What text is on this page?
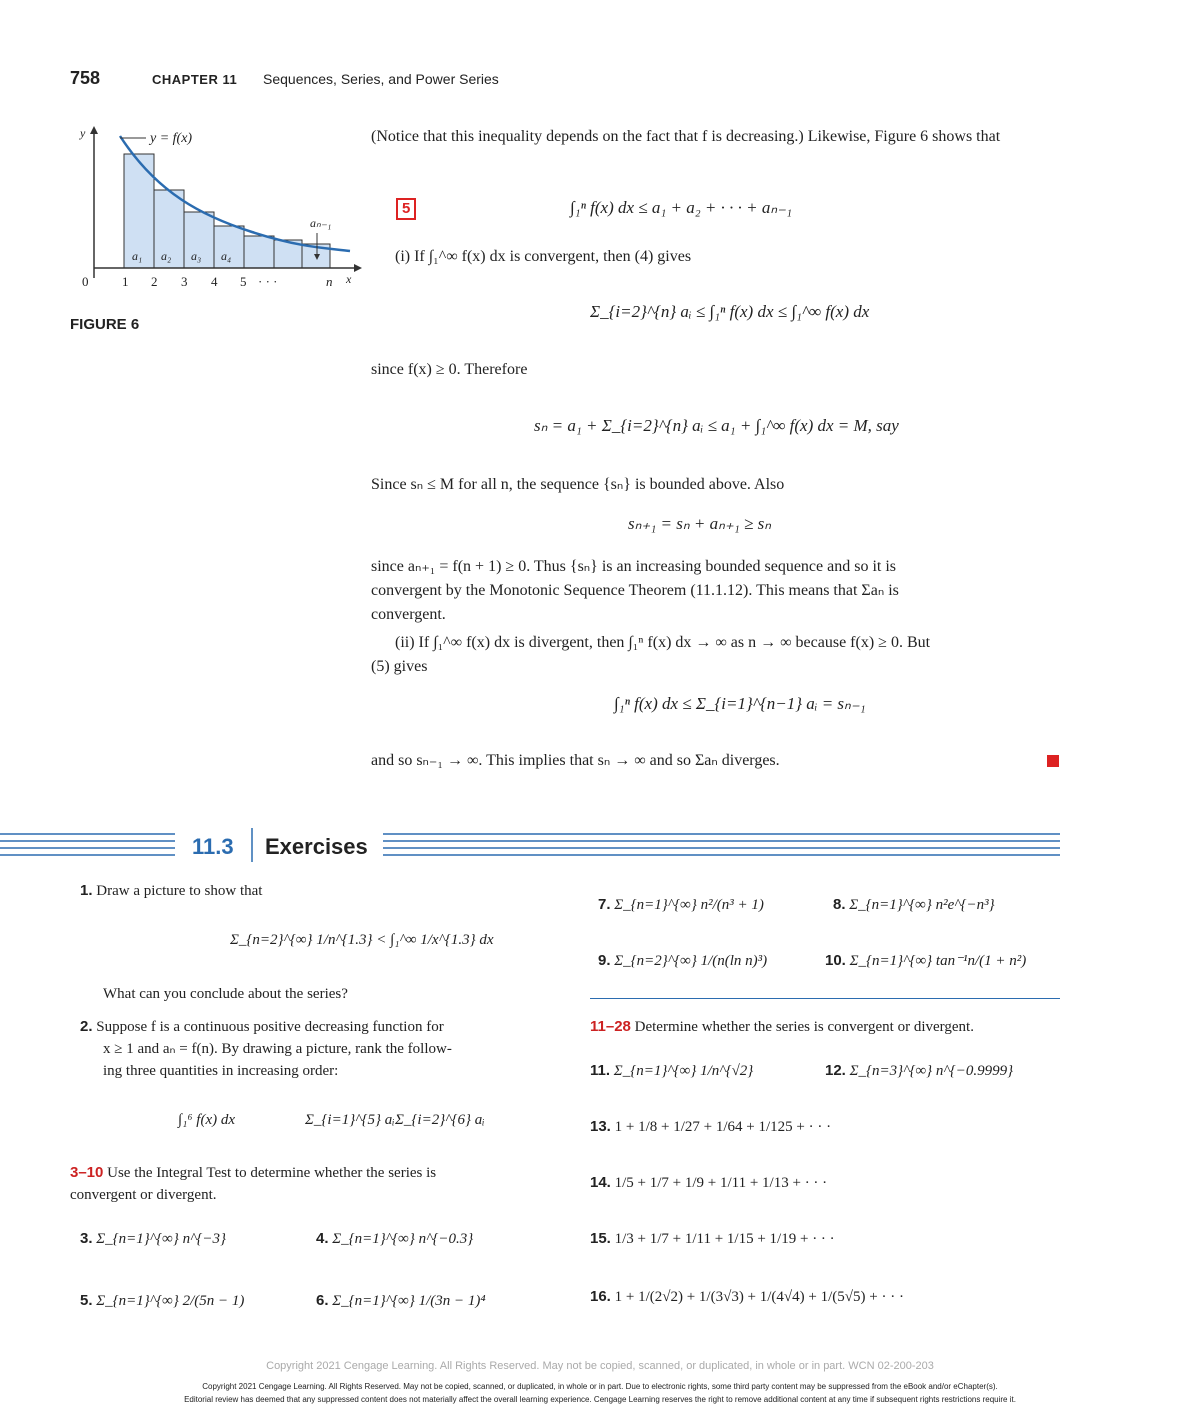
758	CHAPTER 11 Sequences, Series, and Power Series
y	y = f(x)
aₙ₋₁
a₁ a₂ a₃ a₄
0	1 2 3 4 5 · · ·	n x
FIGURE 6
(Notice that this inequality depends on the fact that f is decreasing.) Likewise, Figure 6 shows that
5	∫₁ⁿ f(x) dx ≤ a₁ + a₂ + · · · + aₙ₋₁
(i) If ∫₁^∞ f(x) dx is convergent, then (4) gives
Σ_{i=2}^{n} aᵢ ≤ ∫₁ⁿ f(x) dx ≤ ∫₁^∞ f(x) dx
since f(x) ≥ 0. Therefore
sₙ = a₁ + Σ_{i=2}^{n} aᵢ ≤ a₁ + ∫₁^∞ f(x) dx = M, say
Since sₙ ≤ M for all n, the sequence {sₙ} is bounded above. Also
sₙ₊₁ = sₙ + aₙ₊₁ ≥ sₙ
since aₙ₊₁ = f(n + 1) ≥ 0. Thus {sₙ} is an increasing bounded sequence and so it is
convergent by the Monotonic Sequence Theorem (11.1.12). This means that Σaₙ is
convergent.
(ii) If ∫₁^∞ f(x) dx is divergent, then ∫₁ⁿ f(x) dx → ∞ as n → ∞ because f(x) ≥ 0. But
(5) gives
∫₁ⁿ f(x) dx ≤ Σ_{i=1}^{n−1} aᵢ = sₙ₋₁
and so sₙ₋₁ → ∞. This implies that sₙ → ∞ and so Σaₙ diverges.
11.3 Exercises
1. Draw a picture to show that
Σ_{n=2}^{∞} 1/n^{1.3} < ∫₁^∞ 1/x^{1.3} dx
What can you conclude about the series?
2. Suppose f is a continuous positive decreasing function for
x ≥ 1 and aₙ = f(n). By drawing a picture, rank the follow-
ing three quantities in increasing order:
∫₁⁶ f(x) dx	Σ_{i=1}^{5} aᵢ Σ_{i=2}^{6} aᵢ
3–10 Use the Integral Test to determine whether the series is
convergent or divergent.
3. Σ_{n=1}^{∞} n^{−3}	4. Σ_{n=1}^{∞} n^{−0.3}
5. Σ_{n=1}^{∞} 2/(5n − 1)	6. Σ_{n=1}^{∞} 1/(3n − 1)⁴
7. Σ_{n=1}^{∞} n²/(n³ + 1)	8. Σ_{n=1}^{∞} n²e^{−n³}
9. Σ_{n=2}^{∞} 1/(n(ln n)³)	10. Σ_{n=1}^{∞} tan⁻¹n/(1 + n²)
11–28 Determine whether the series is convergent or divergent.
11. Σ_{n=1}^{∞} 1/n^{√2}	12. Σ_{n=3}^{∞} n^{−0.9999}
13. 1 + 1/8 + 1/27 + 1/64 + 1/125 + · · ·
14. 1/5 + 1/7 + 1/9 + 1/11 + 1/13 + · · ·
15. 1/3 + 1/7 + 1/11 + 1/15 + 1/19 + · · ·
16. 1 + 1/(2√2) + 1/(3√3) + 1/(4√4) + 1/(5√5) + · · ·
Copyright 2021 Cengage Learning. All Rights Reserved. May not be copied, scanned, or duplicated, in whole or in part. WCN 02-200-203
Copyright 2021 Cengage Learning. All Rights Reserved. May not be copied, scanned, or duplicated, in whole or in part. Due to electronic rights, some third party content may be suppressed from the eBook and/or eChapter(s).
Editorial review has deemed that any suppressed content does not materially affect the overall learning experience. Cengage Learning reserves the right to remove additional content at any time if subsequent rights restrictions require it.
